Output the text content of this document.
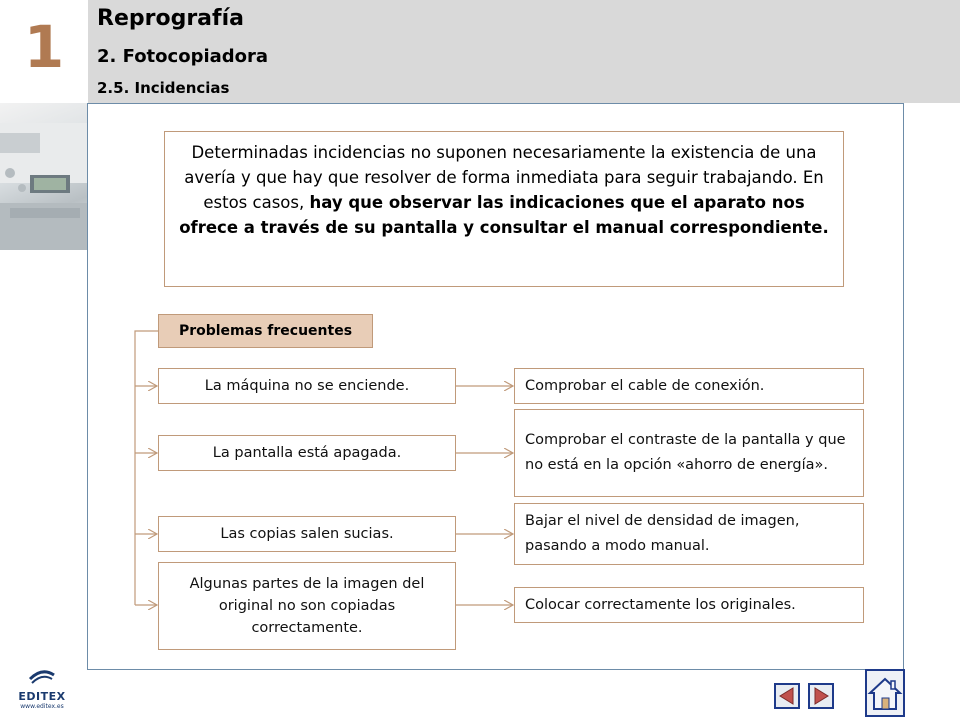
1 Reprografía
2. Fotocopiadora
2.5. Incidencias
Determinadas incidencias no suponen necesariamente la existencia de una avería y que hay que resolver de forma inmediata para seguir trabajando. En estos casos, hay que observar las indicaciones que el aparato nos ofrece a través de su pantalla y consultar el manual correspondiente.
Problemas frecuentes
La máquina no se enciende.
La pantalla está apagada.
Las copias salen sucias.
Algunas partes de la imagen del original no son copiadas correctamente.
Comprobar el cable de conexión.
Comprobar el contraste de la pantalla y que no está en la opción «ahorro de energía».
Bajar el nivel de densidad de imagen, pasando a modo manual.
Colocar correctamente los originales.
EDITEX
www.editex.es
